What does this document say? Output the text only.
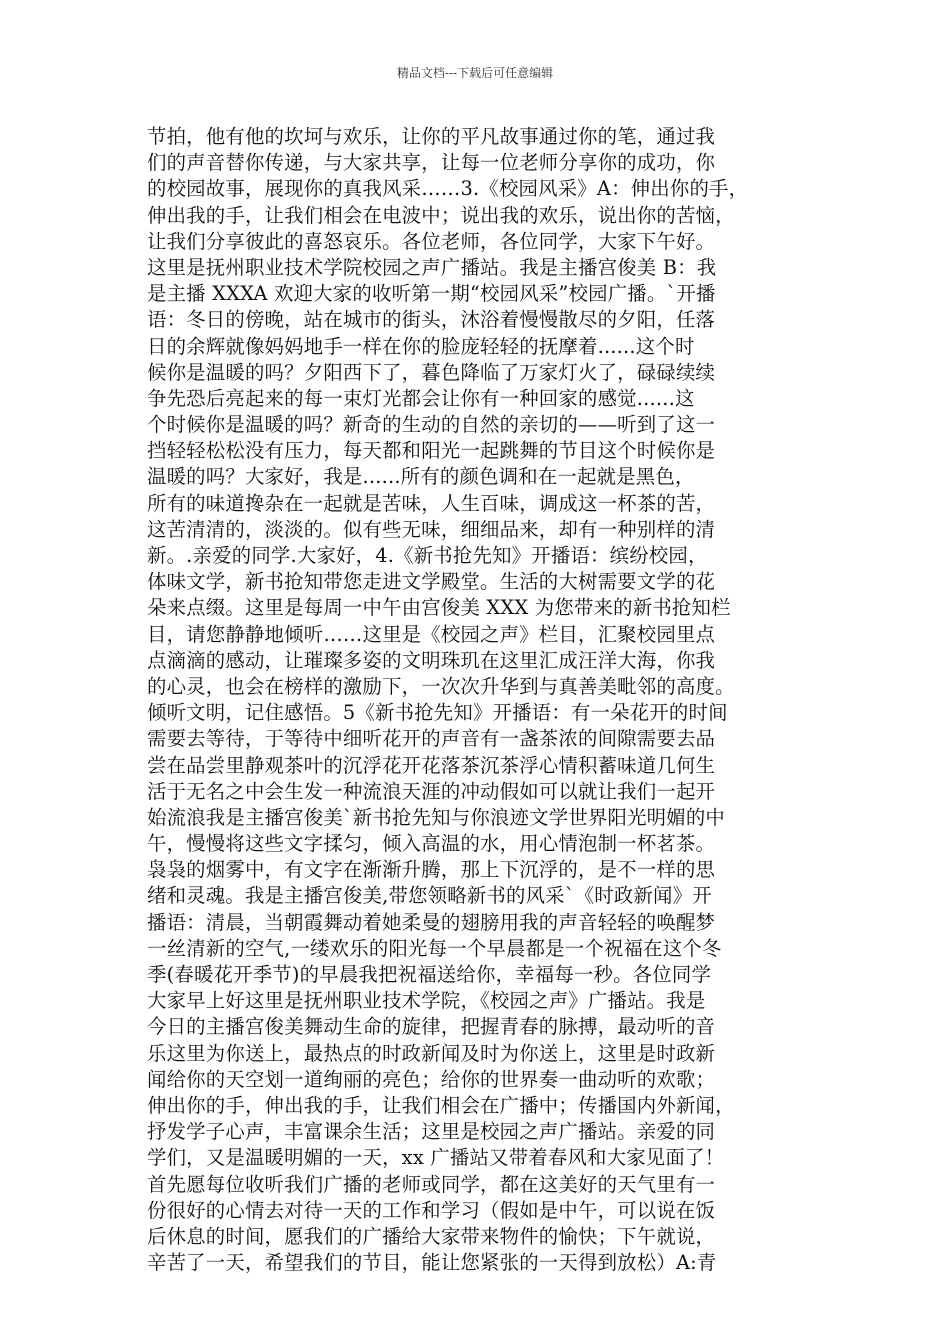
精品文档---下载后可任意编辑
节拍，他有他的坎坷与欢乐，让你的平凡故事通过你的笔，通过我
们的声音替你传递，与大家共享，让每一位老师分享你的成功，你
的校园故事，展现你的真我风采……3.《校园风采》A：伸出你的手，
伸出我的手，让我们相会在电波中；说出我的欢乐，说出你的苦恼，
让我们分享彼此的喜怒哀乐。各位老师，各位同学，大家下午好。
这里是抚州职业技术学院校园之声广播站。我是主播宫俊美 B：我
是主播 XXXA 欢迎大家的收听第一期“校园风采”校园广播。`开播
语：冬日的傍晚，站在城市的街头，沐浴着慢慢散尽的夕阳，任落
日的余辉就像妈妈地手一样在你的脸庞轻轻的抚摩着......这个时
候你是温暖的吗？夕阳西下了，暮色降临了万家灯火了，碌碌续续
争先恐后亮起来的每一束灯光都会让你有一种回家的感觉......这
个时候你是温暖的吗？新奇的生动的自然的亲切的——听到了这一
挡轻轻松松没有压力，每天都和阳光一起跳舞的节目这个时候你是
温暖的吗？大家好，我是......所有的颜色调和在一起就是黑色，
所有的味道搀杂在一起就是苦味，人生百味，调成这一杯茶的苦，
这苦清清的，淡淡的。似有些无味，细细品来，却有一种别样的清
新。.亲爱的同学.大家好，4.《新书抢先知》开播语：缤纷校园，
体味文学，新书抢知带您走进文学殿堂。生活的大树需要文学的花
朵来点缀。这里是每周一中午由宫俊美 XXX 为您带来的新书抢知栏
目，请您静静地倾听……这里是《校园之声》栏目，汇聚校园里点
点滴滴的感动，让璀璨多姿的文明珠玑在这里汇成汪洋大海，你我
的心灵，也会在榜样的激励下，一次次升华到与真善美毗邻的高度。
倾听文明，记住感悟。5《新书抢先知》开播语：有一朵花开的时间
需要去等待，于等待中细听花开的声音有一盏茶浓的间隙需要去品
尝在品尝里静观茶叶的沉浮花开花落茶沉茶浮心情积蓄味道几何生
活于无名之中会生发一种流浪天涯的冲动假如可以就让我们一起开
始流浪我是主播宫俊美`新书抢先知与你浪迹文学世界阳光明媚的中
午，慢慢将这些文字揉匀，倾入高温的水，用心情泡制一杯茗茶。
袅袅的烟雾中，有文字在渐渐升腾，那上下沉浮的，是不一样的思
绪和灵魂。我是主播宫俊美,带您领略新书的风采`《时政新闻》开
播语：清晨，当朝霞舞动着她柔曼的翅膀用我的声音轻轻的唤醒梦
一丝清新的空气,一缕欢乐的阳光每一个早晨都是一个祝福在这个冬
季(春暖花开季节)的早晨我把祝福送给你，幸福每一秒。各位同学
大家早上好这里是抚州职业技术学院，《校园之声》广播站。我是
今日的主播宫俊美舞动生命的旋律，把握青春的脉搏，最动听的音
乐这里为你送上，最热点的时政新闻及时为你送上，这里是时政新
闻给你的天空划一道绚丽的亮色；给你的世界奏一曲动听的欢歌；
伸出你的手，伸出我的手，让我们相会在广播中；传播国内外新闻，
抒发学子心声，丰富课余生活；这里是校园之声广播站。亲爱的同
学们，又是温暖明媚的一天，xx 广播站又带着春风和大家见面了！
首先愿每位收听我们广播的老师或同学，都在这美好的天气里有一
份很好的心情去对待一天的工作和学习（假如是中午，可以说在饭
后休息的时间，愿我们的广播给大家带来物件的愉快；下午就说，
辛苦了一天，希望我们的节目，能让您紧张的一天得到放松）A:青
